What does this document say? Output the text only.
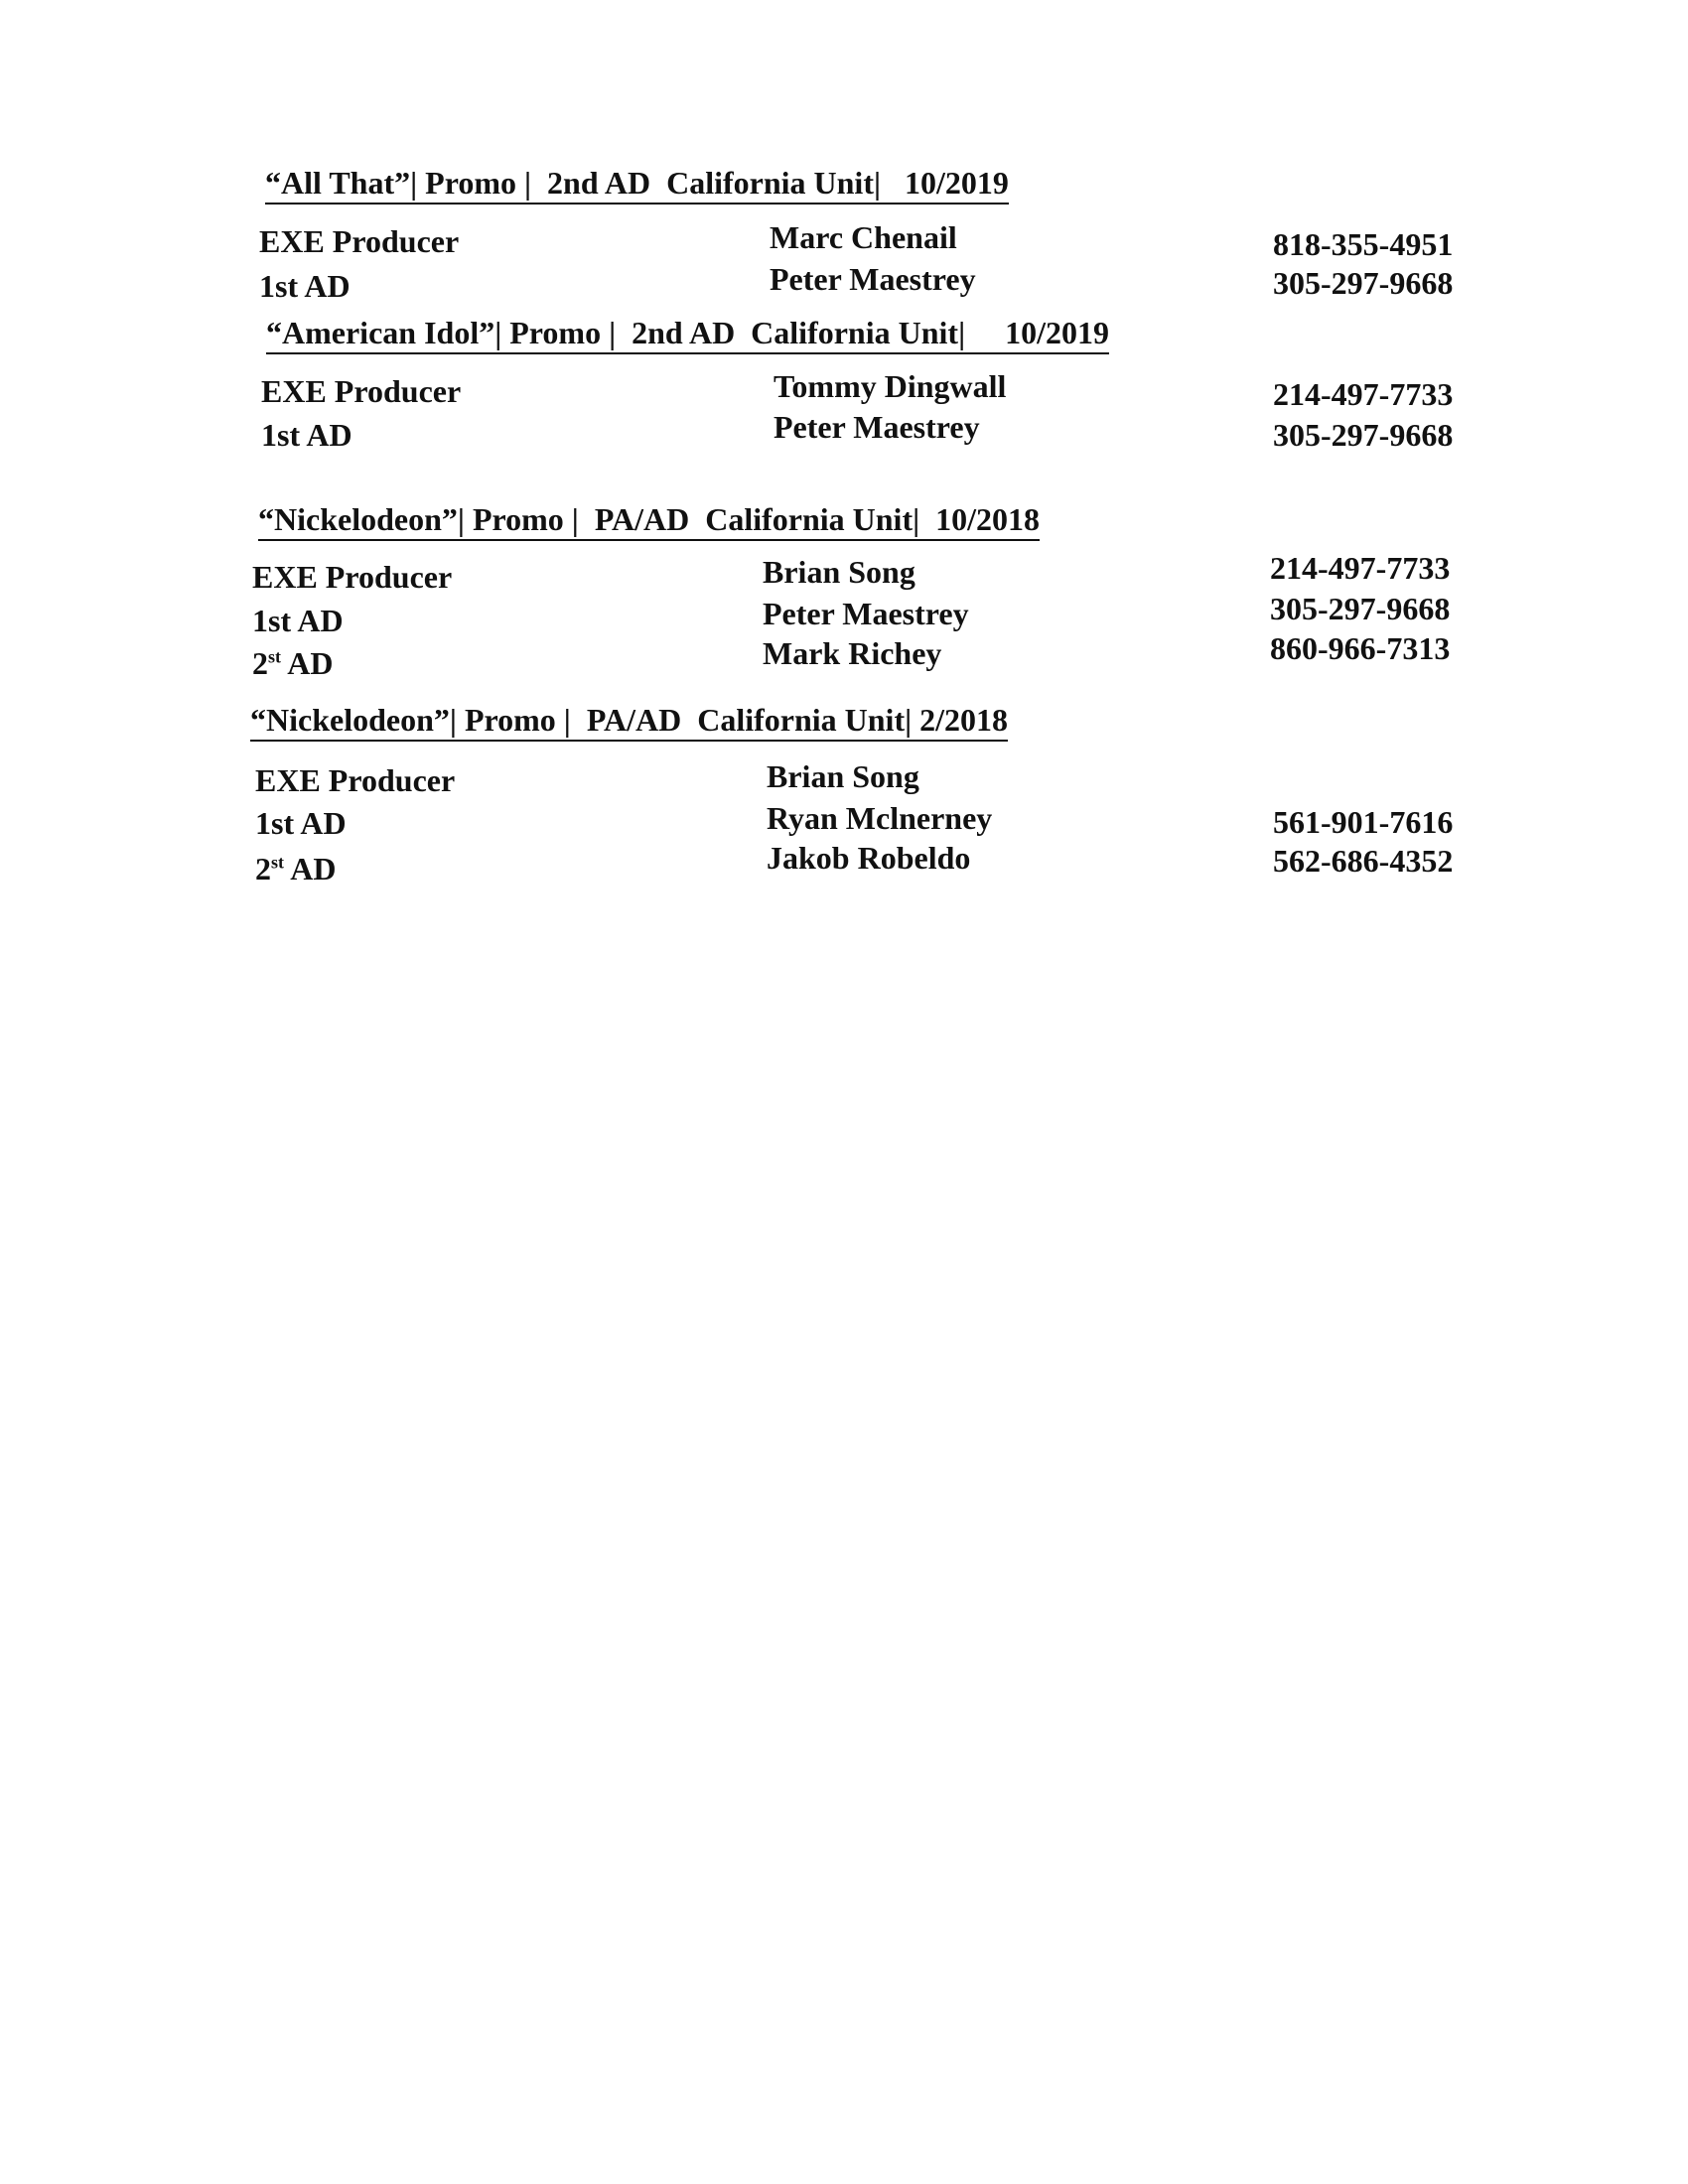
“All That”| Promo |  2nd AD  California Unit|   10/2019
EXE Producer	Marc Chenail	818-355-4951
1st AD	Peter Maestrey	305-297-9668
“American Idol”| Promo |  2nd AD  California Unit|     10/2019
EXE Producer	Tommy Dingwall	214-497-7733
1st AD	Peter Maestrey	305-297-9668
“Nickelodeon”| Promo |  PA/AD  California Unit|  10/2018
EXE Producer	Brian Song	214-497-7733
1st AD	Peter Maestrey	305-297-9668
2st AD	Mark Richey	860-966-7313
“Nickelodeon”| Promo |  PA/AD  California Unit| 2/2018
EXE Producer	Brian Song
1st AD	Ryan Mclnerney	561-901-7616
2st AD	Jakob Robeldo	562-686-4352
